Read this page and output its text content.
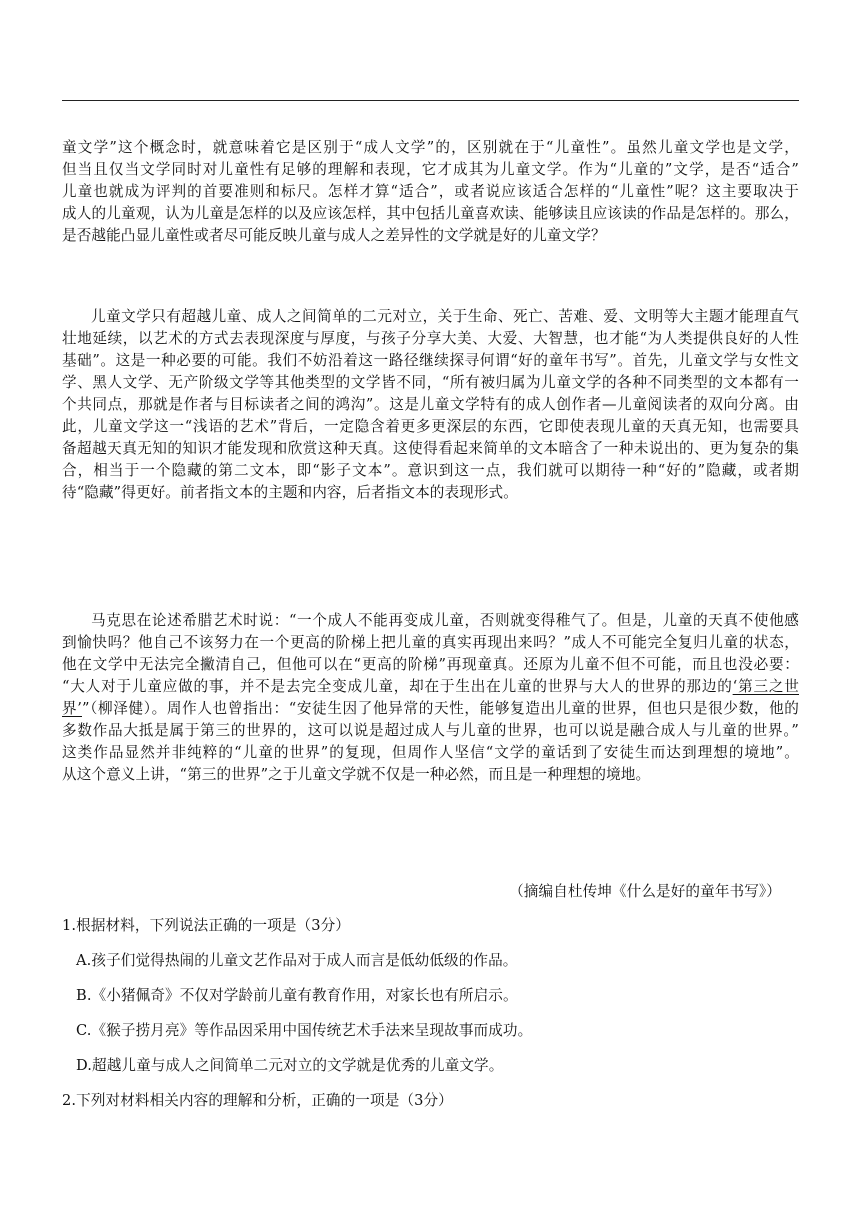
童文学”这个概念时，就意味着它是区别于“成人文学”的，区别就在于“儿童性”。虽然儿童文学也是文学，
但当且仅当文学同时对儿童性有足够的理解和表现，它才成其为儿童文学。作为“儿童的”文学，是否“适合”
儿童也就成为评判的首要准则和标尺。怎样才算“适合”，或者说应该适合怎样的“儿童性”呢？这主要取决于
成人的儿童观，认为儿童是怎样的以及应该怎样，其中包括儿童喜欢读、能够读且应该读的作品是怎样的。那么，
是否越能凸显儿童性或者尽可能反映儿童与成人之差异性的文学就是好的儿童文学？
儿童文学只有超越儿童、成人之间简单的二元对立，关于生命、死亡、苦难、爱、文明等大主题才能理直气
壮地延续，以艺术的方式去表现深度与厚度，与孩子分享大美、大爱、大智慧，也才能“为人类提供良好的人性
基础”。这是一种必要的可能。我们不妨沿着这一路径继续探寻何谓“好的童年书写”。首先，儿童文学与女性文
学、黑人文学、无产阶级文学等其他类型的文学皆不同，“所有被归属为儿童文学的各种不同类型的文本都有一
个共同点，那就是作者与目标读者之间的鸿沟”。这是儿童文学特有的成人创作者—儿童阅读者的双向分离。由
此，儿童文学这一“浅语的艺术”背后，一定隐含着更多更深层的东西，它即使表现儿童的天真无知，也需要具
备超越天真无知的知识才能发现和欣赏这种天真。这使得看起来简单的文本暗含了一种未说出的、更为复杂的集
合，相当于一个隐藏的第二文本，即“影子文本”。意识到这一点，我们就可以期待一种“好的”隐藏，或者期
待“隐藏”得更好。前者指文本的主题和内容，后者指文本的表现形式。
马克思在论述希腊艺术时说：“一个成人不能再变成儿童，否则就变得稚气了。但是，儿童的天真不使他感
到愉快吗？他自己不该努力在一个更高的阶梯上把儿童的真实再现出来吗？”成人不可能完全复归儿童的状态，
他在文学中无法完全撇清自己，但他可以在“更高的阶梯”再现童真。还原为儿童不但不可能，而且也没必要：
“大人对于儿童应做的事，并不是去完全变成儿童，却在于生出在儿童的世界与大人的世界的那边的‘第三之世
界’”（柳泽健）。周作人也曾指出：“安徒生因了他异常的天性，能够复造出儿童的世界，但也只是很少数，他的
多数作品大抵是属于第三的世界的，这可以说是超过成人与儿童的世界，也可以说是融合成人与儿童的世界。”
这类作品显然并非纯粹的“儿童的世界”的复现，但周作人坚信“文学的童话到了安徒生而达到理想的境地”。
从这个意义上讲，“第三的世界”之于儿童文学就不仅是一种必然，而且是一种理想的境地。
（摘编自杜传坤《什么是好的童年书写》）
1.根据材料，下列说法正确的一项是（3分）
A.孩子们觉得热闹的儿童文艺作品对于成人而言是低幼低级的作品。
B.《小猪佩奇》不仅对学龄前儿童有教育作用，对家长也有所启示。
C.《猴子捞月亮》等作品因采用中国传统艺术手法来呈现故事而成功。
D.超越儿童与成人之间简单二元对立的文学就是优秀的儿童文学。
2.下列对材料相关内容的理解和分析，正确的一项是（3分）
